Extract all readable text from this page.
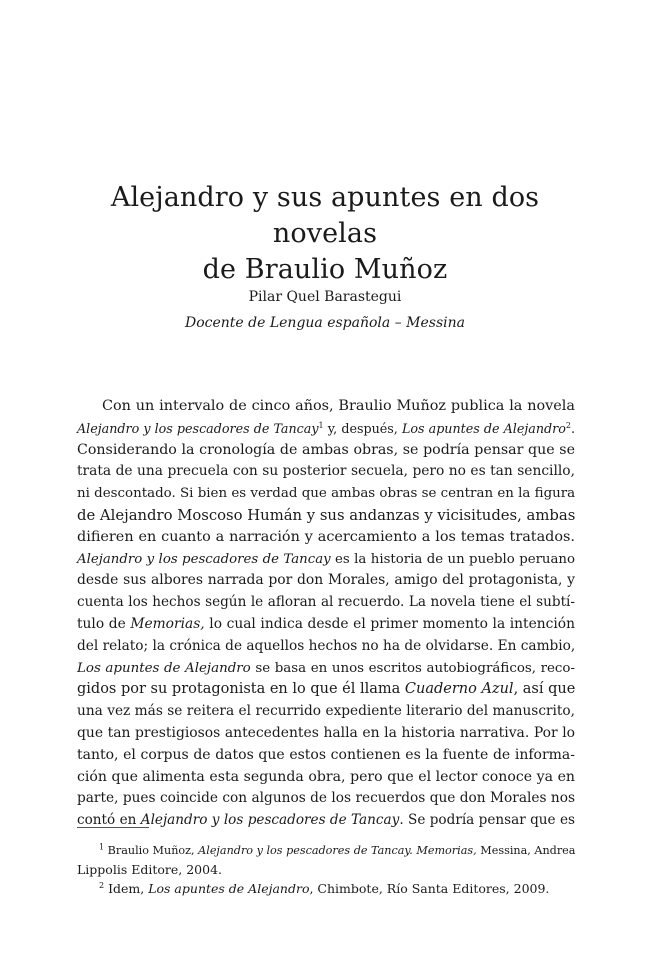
Alejandro y sus apuntes en dos novelas
de Braulio Muñoz
Pilar Quel Barastegui
Docente de Lengua española – Messina
Con un intervalo de cinco años, Braulio Muñoz publica la novela
Alejandro y los pescadores de Tancay$^1$ y, después, Los apuntes de Alejandro$^2$.
Considerando la cronología de ambas obras, se podría pensar que se
trata de una precuela con su posterior secuela, pero no es tan sencillo,
ni descontado. Si bien es verdad que ambas obras se centran en la figura
de Alejandro Moscoso Humán y sus andanzas y vicisitudes, ambas
difieren en cuanto a narración y acercamiento a los temas tratados.
Alejandro y los pescadores de Tancay es la historia de un pueblo peruano
desde sus albores narrada por don Morales, amigo del protagonista, y
cuenta los hechos según le afloran al recuerdo. La novela tiene el subtí-
tulo de Memorias, lo cual indica desde el primer momento la intención
del relato; la crónica de aquellos hechos no ha de olvidarse. En cambio,
Los apuntes de Alejandro se basa en unos escritos autobiográficos, reco-
gidos por su protagonista en lo que él llama Cuaderno Azul, así que
una vez más se reitera el recurrido expediente literario del manuscrito,
que tan prestigiosos antecedentes halla en la historia narrativa. Por lo
tanto, el corpus de datos que estos contienen es la fuente de informa-
ción que alimenta esta segunda obra, pero que el lector conoce ya en
parte, pues coincide con algunos de los recuerdos que don Morales nos
contó en Alejandro y los pescadores de Tancay. Se podría pensar que es
$^1$ Braulio Muñoz, Alejandro y los pescadores de Tancay. Memorias, Messina, Andrea
Lippolis Editore, 2004.
$^2$ Idem, Los apuntes de Alejandro, Chimbote, Río Santa Editores, 2009.
